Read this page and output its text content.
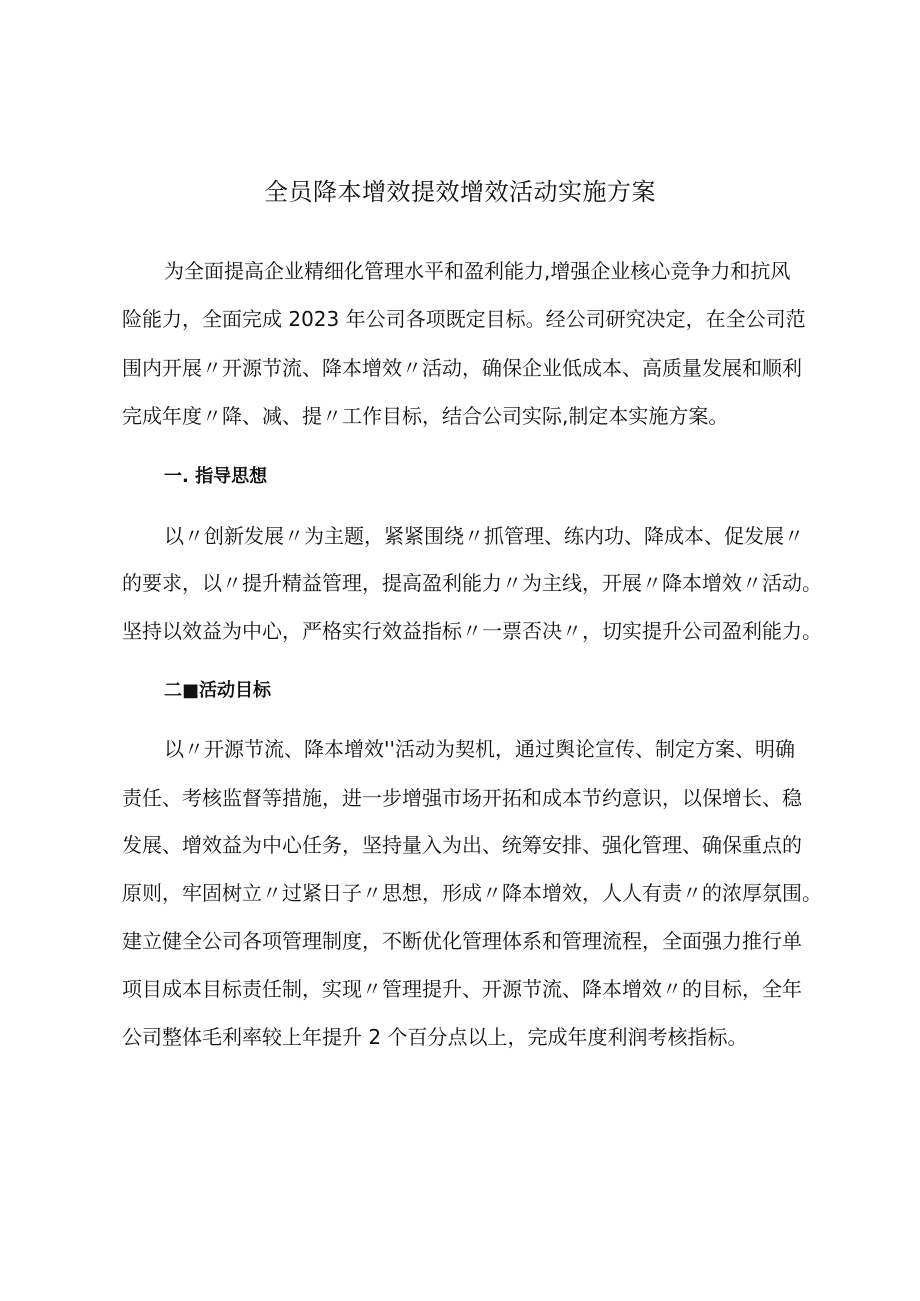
全员降本增效提效增效活动实施方案
为全面提高企业精细化管理水平和盈利能力,增强企业核心竞争力和抗风
险能力，全面完成 2023 年公司各项既定目标。经公司研究决定，在全公司范
围内开展〃开源节流、降本增效〃活动，确保企业低成本、高质量发展和顺利
完成年度〃降、减、提〃工作目标，结合公司实际,制定本实施方案。
一. 指导思想
以〃创新发展〃为主题，紧紧围绕〃抓管理、练内功、降成本、促发展〃
的要求，以〃提升精益管理，提高盈利能力〃为主线，开展〃降本增效〃活动。
坚持以效益为中心，严格实行效益指标〃一票否决〃，切实提升公司盈利能力。
二■活动目标
以〃开源节流、降本增效''活动为契机，通过舆论宣传、制定方案、明确
责任、考核监督等措施，进一步增强市场开拓和成本节约意识，以保增长、稳
发展、增效益为中心任务，坚持量入为出、统筹安排、强化管理、确保重点的
原则，牢固树立〃过紧日子〃思想，形成〃降本增效，人人有责〃的浓厚氛围。
建立健全公司各项管理制度，不断优化管理体系和管理流程，全面强力推行单
项目成本目标责任制，实现〃管理提升、开源节流、降本增效〃的目标，全年
公司整体毛利率较上年提升 2 个百分点以上，完成年度利润考核指标。
